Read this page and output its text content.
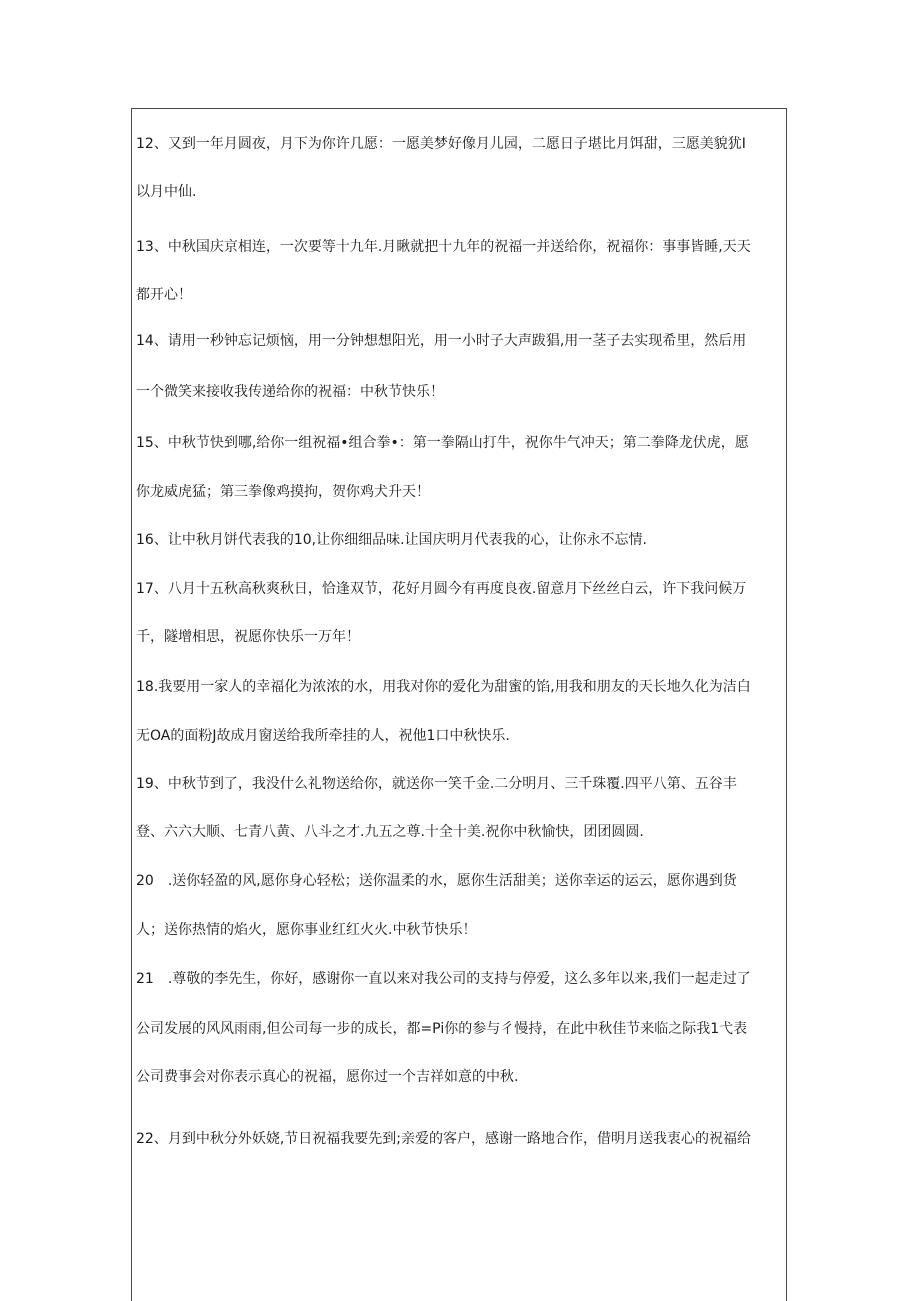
12、又到一年月圆夜，月下为你许几愿：一愿美梦好像月儿园，二愿日子堪比月饵甜，三愿美貌犹I
以月中仙.
13、中秋国庆京相连，一次要等十九年.月瞅就把十九年的祝福一并送给你，祝福你：事事皆睡,天天
都开心！
14、请用一秒钟忘记烦恼，用一分钟想想阳光，用一小时子大声跋猖,用一茎子去实现希里，然后用
一个微笑来接收我传递给你的祝福：中秋节快乐！
15、中秋节快到哪,给你一组祝福•组合拳•：第一拳隔山打牛，祝你牛气冲天；第二拳降龙伏虎，愿
你龙威虎猛；第三拳像鸡摸拘，贺你鸡犬升天！
16、让中秋月饼代表我的10,让你细细品味.让国庆明月代表我的心，让你永不忘情.
17、八月十五秋高秋爽秋日，恰逢双节，花好月圆今有再度良夜.留意月下丝丝白云，许下我问候万
千，隧增相思，祝愿你快乐一万年！
18.我要用一家人的幸福化为浓浓的水，用我对你的爱化为甜蜜的馅,用我和朋友的天长地久化为洁白
无OA的面粉J故成月窗送给我所牵挂的人，祝他1口中秋快乐.
19、中秋节到了，我没什么礼物送给你，就送你一笑千金.二分明月、三千珠覆.四平八第、五谷丰
登、六六大顺、七青八黄、八斗之才.九五之尊.十全十美.祝你中秋愉快，团团圆圆.
20　.送你轻盈的风,愿你身心轻松；送你温柔的水，愿你生活甜美；送你幸运的运云，愿你遇到货
人；送你热情的焰火，愿你事业红红火火.中秋节快乐！
21　.尊敬的李先生，你好，感谢你一直以来对我公司的支持与停爱，这么多年以来,我们一起走过了
公司发展的风风雨雨,但公司每一步的成长，都=Pi你的参与彳慢持，在此中秋佳节来临之际我1弋表
公司费事会对你表示真心的祝福，愿你过一个吉祥如意的中秋.
22、月到中秋分外妖娆,节日祝福我要先到;亲爱的客户，感谢一路地合作，借明月送我衷心的祝福给
